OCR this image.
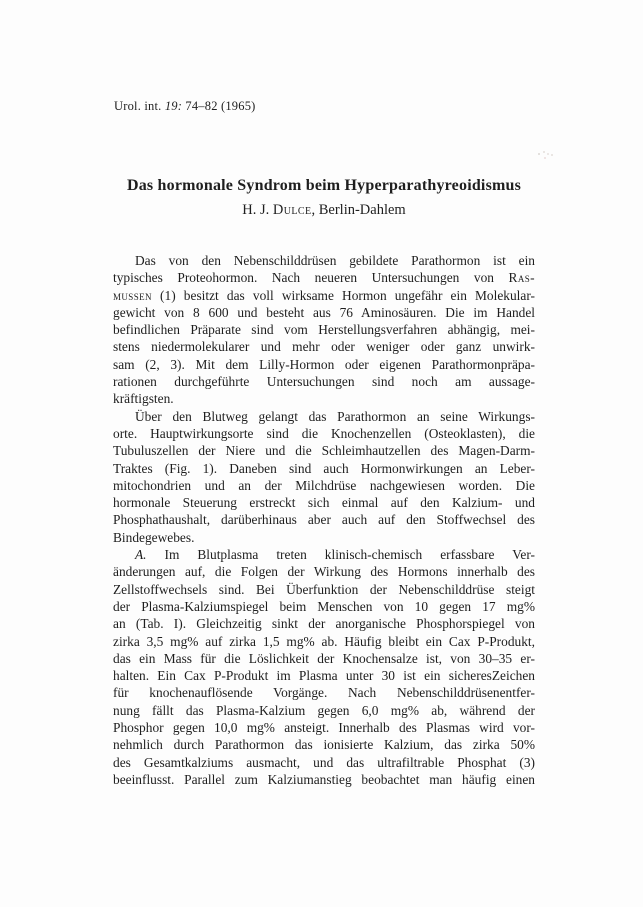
Urol. int. 19: 74–82 (1965)
Das hormonale Syndrom beim Hyperparathyreoidismus
H. J. Dulce, Berlin-Dahlem
Das von den Nebenschilddrüsen gebildete Parathormon ist ein
typisches Proteohormon. Nach neueren Untersuchungen von Ras-
mussen (1) besitzt das voll wirksame Hormon ungefähr ein Molekular-
gewicht von 8 600 und besteht aus 76 Aminosäuren. Die im Handel
befindlichen Präparate sind vom Herstellungsverfahren abhängig, mei-
stens niedermolekularer und mehr oder weniger oder ganz unwirk-
sam (2, 3). Mit dem Lilly-Hormon oder eigenen Parathormonpräpa-
rationen durchgeführte Untersuchungen sind noch am aussage-
kräftigsten.
Über den Blutweg gelangt das Parathormon an seine Wirkungs-
orte. Hauptwirkungsorte sind die Knochenzellen (Osteoklasten), die
Tubuluszellen der Niere und die Schleimhautzellen des Magen-Darm-
Traktes (Fig. 1). Daneben sind auch Hormonwirkungen an Leber-
mitochondrien und an der Milchdrüse nachgewiesen worden. Die
hormonale Steuerung erstreckt sich einmal auf den Kalzium- und
Phosphathaushalt, darüberhinaus aber auch auf den Stoffwechsel des
Bindegewebes.
A. Im Blutplasma treten klinisch-chemisch erfassbare Ver-
änderungen auf, die Folgen der Wirkung des Hormons innerhalb des
Zellstoffwechsels sind. Bei Überfunktion der Nebenschilddrüse steigt
der Plasma-Kalziumspiegel beim Menschen von 10 gegen 17 mg%
an (Tab. I). Gleichzeitig sinkt der anorganische Phosphorspiegel von
zirka 3,5 mg% auf zirka 1,5 mg% ab. Häufig bleibt ein Cax P-Produkt,
das ein Mass für die Löslichkeit der Knochensalze ist, von 30–35 er-
halten. Ein Cax P-Produkt im Plasma unter 30 ist ein sicheresZeichen
für knochenauflösende Vorgänge. Nach Nebenschilddrüsenentfer-
nung fällt das Plasma-Kalzium gegen 6,0 mg% ab, während der
Phosphor gegen 10,0 mg% ansteigt. Innerhalb des Plasmas wird vor-
nehmlich durch Parathormon das ionisierte Kalzium, das zirka 50%
des Gesamtkalziums ausmacht, und das ultrafiltrable Phosphat (3)
beeinflusst. Parallel zum Kalziumanstieg beobachtet man häufig einen
